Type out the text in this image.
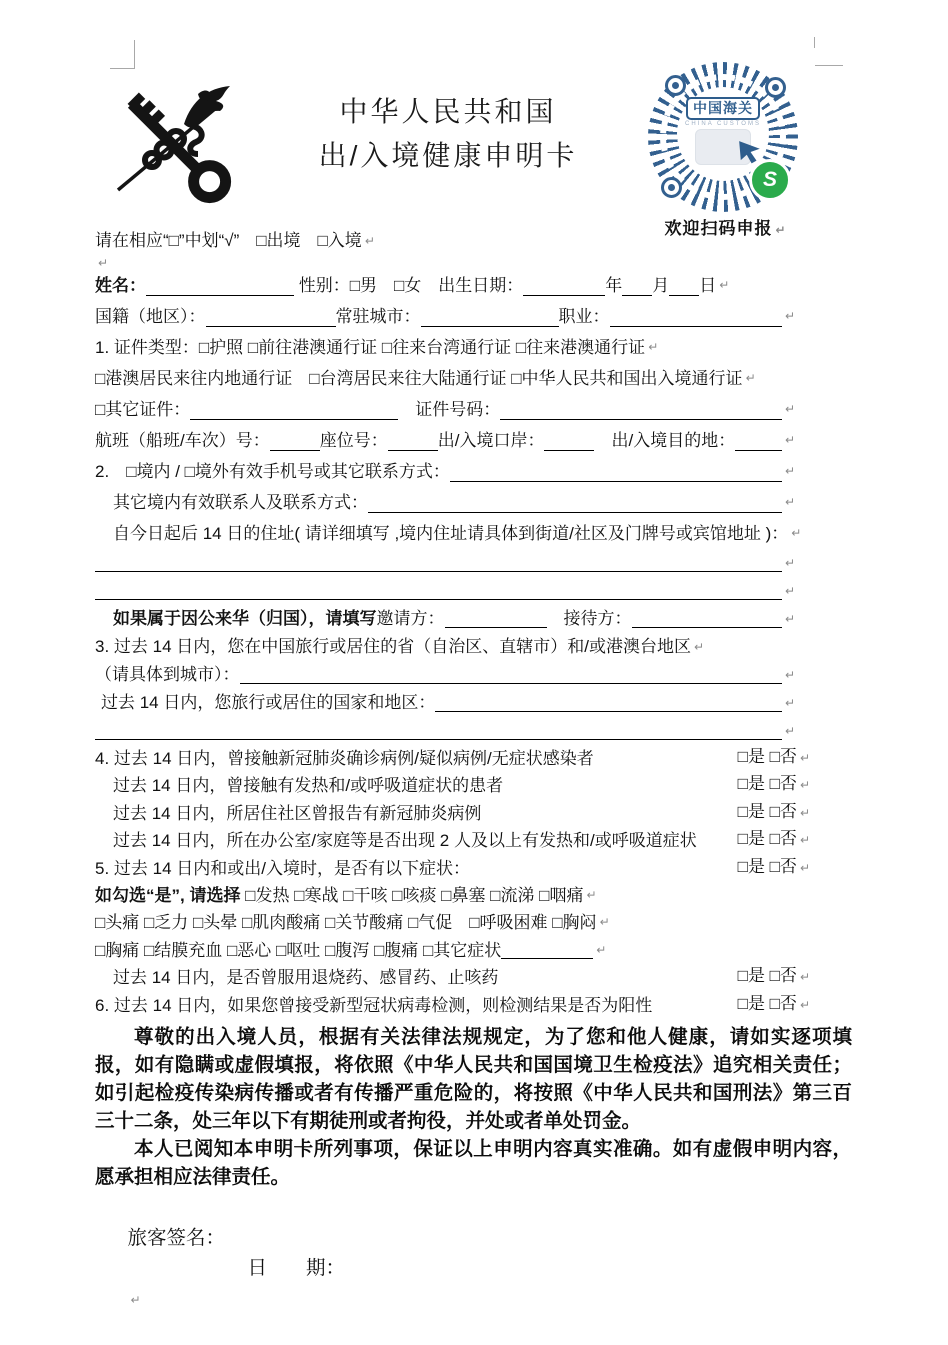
中华人民共和国
出/入境健康申明卡
中国海关
CHINA CUSTOMS
S
欢迎扫码申报 ↵
请在相应“□”中划“√” 　□出境 　□入境 ↵
↵
姓名：	性别： □男 　□女 　出生日期：	年 月 日 ↵
国籍（地区）：	常驻城市：	职业：	↵
1. 证件类型： □护照 □前往港澳通行证 □往来台湾通行证 □往来港澳通行证 ↵
□港澳居民来往内地通行证 　□台湾居民来往大陆通行证 □中华人民共和国出入境通行证 ↵
□其它证件：	　证件号码：	↵
航班（船班/车次）号：	座位号：	出/入境口岸：	　出/入境目的地：	↵
2.　 □境内 / □境外 有效手机号或其它联系方式：	↵
其它境内有效联系人及联系方式：	↵
自今日起后 14 日的住址( 请详细填写 ,境内住址请具体到街道/社区及门牌号或宾馆地址 )： ↵
↵
↵
如果属于因公来华（归国），请填写 邀请方：	　接待方：	↵
3. 过去 14 日内，您在中国旅行或居住的省（自治区、直辖市）和/或港澳台地区 ↵
（请具体到城市）：	↵
过去 14 日内，您旅行或居住的国家和地区：	↵
↵
4. 过去 14 日内，曾接触新冠肺炎确诊病例/疑似病例/无症状感染者	□是 □否 ↵
过去 14 日内，曾接触有发热和/或呼吸道症状的患者	□是 □否 ↵
过去 14 日内，所居住社区曾报告有新冠肺炎病例	□是 □否 ↵
过去 14 日内，所在办公室/家庭等是否出现 2 人及以上有发热和/或呼吸道症状 □是 □否 ↵
5. 过去 14 日内和或出/入境时，是否有以下症状：	□是 □否 ↵
如勾选“是”, 请选择 □发热 □寒战 □干咳 □咳痰 □鼻塞 □流涕 □咽痛 ↵
□头痛 □乏力 □头晕 □肌肉酸痛 □关节酸痛 □气促 　□呼吸困难 □胸闷 ↵
□胸痛 □结膜充血 □恶心 □呕吐 □腹泻 □腹痛 □其它症状	↵
过去 14 日内，是否曾服用退烧药、感冒药、止咳药	□是 □否 ↵
6. 过去 14 日内，如果您曾接受新型冠状病毒检测，则检测结果是否为阳性	□是 □否 ↵

尊敬的出入境人员，根据有关法律法规规定，为了您和他人健康，请如实逐项填报，如有隐瞒或虚假填报，将依照《中华人民共和国国境卫生检疫法》追究相关责任；如引起检疫传染病传播或者有传播严重危险的，将按照《中华人民共和国刑法》第三百三十二条，处三年以下有期徒刑或者拘役，并处或者单处罚金。

本人已阅知本申明卡所列事项，保证以上申明内容真实准确。如有虚假申明内容，愿承担相应法律责任。

旅客签名：
日　　期：
↵
